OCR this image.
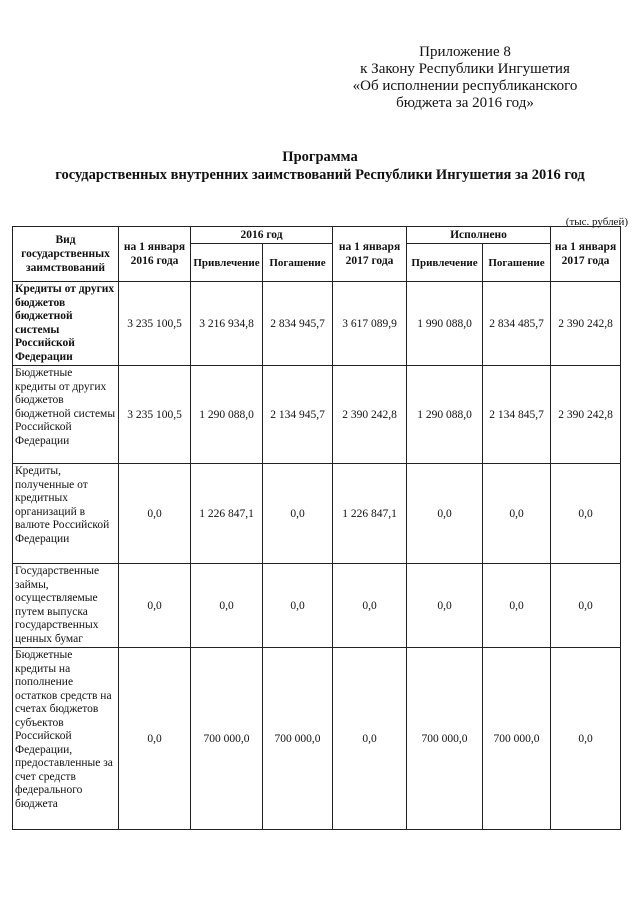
Приложение 8
к Закону Республики Ингушетия
«Об исполнении республиканского
бюджета за 2016 год»
Программа
государственных внутренних заимствований Республики Ингушетия за 2016 год
(тыс. рублей)
Вид государственных заимствований	на 1 января 2016 года	2016 год		на 1 января 2017 года	Исполнено		на 1 января 2017 года
		Привлечение	Погашение		Привлечение	Погашение	
Кредиты от других бюджетов бюджетной системы Российской Федерации	3 235 100,5	3 216 934,8	2 834 945,7	3 617 089,9	1 990 088,0	2 834 485,7	2 390 242,8
Бюджетные кредиты от других бюджетов бюджетной системы Российской Федерации	3 235 100,5	1 290 088,0	2 134 945,7	2 390 242,8	1 290 088,0	2 134 845,7	2 390 242,8
Кредиты, полученные от кредитных организаций в валюте Российской Федерации	0,0	1 226 847,1	0,0	1 226 847,1	0,0	0,0	0,0
Государственные займы, осуществляемые путем выпуска государственных ценных бумаг	0,0	0,0	0,0	0,0	0,0	0,0	0,0
Бюджетные кредиты на пополнение остатков средств на счетах бюджетов субъектов Российской Федерации, предоставленные за счет средств федерального бюджета	0,0	700 000,0	700 000,0	0,0	700 000,0	700 000,0	0,0
